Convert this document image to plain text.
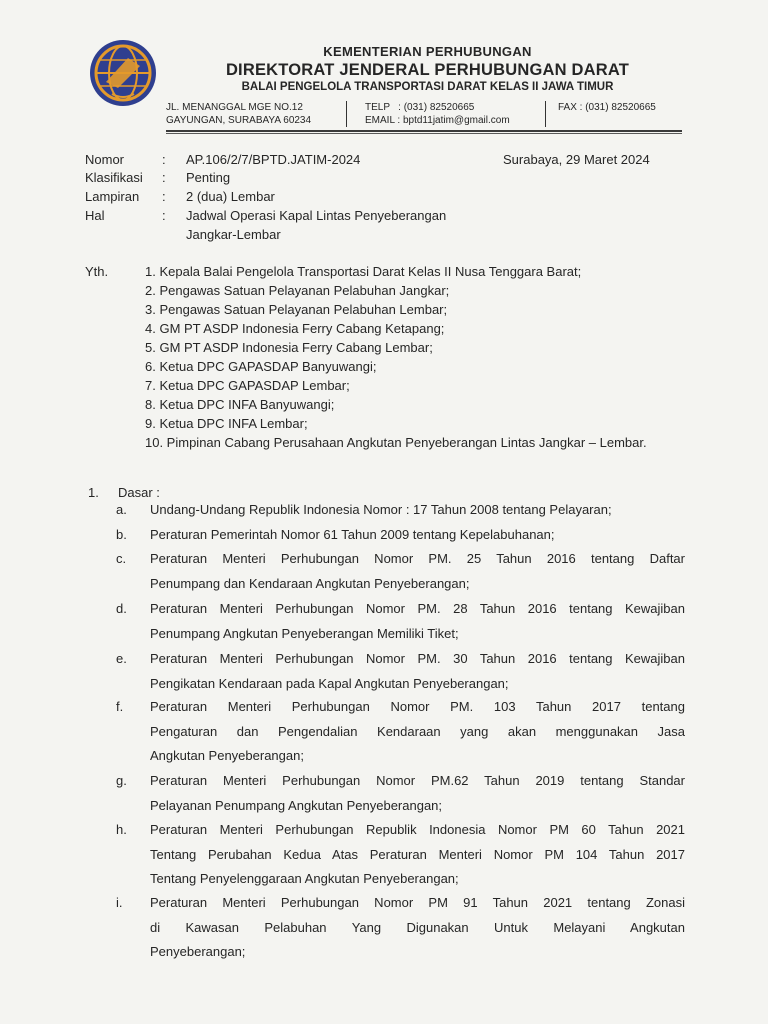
KEMENTERIAN PERHUBUNGAN
DIREKTORAT JENDERAL PERHUBUNGAN DARAT
BALAI PENGELOLA TRANSPORTASI DARAT KELAS II JAWA TIMUR
JL. MENANGGAL MGE NO.12
GAYUNGAN, SURABAYA 60234
TELP   : (031) 82520665
EMAIL : bptd11jatim@gmail.com
FAX : (031) 82520665
Nomor	: AP.106/2/7/BPTD.JATIM-2024	Surabaya, 29 Maret 2024
Klasifikasi : Penting
Lampiran : 2 (dua) Lembar
Hal	: Jadwal Operasi Kapal Lintas Penyeberangan
Jangkar-Lembar
Yth.	1. Kepala Balai Pengelola Transportasi Darat Kelas II Nusa Tenggara Barat;
2. Pengawas Satuan Pelayanan Pelabuhan Jangkar;
3. Pengawas Satuan Pelayanan Pelabuhan Lembar;
4. GM PT ASDP Indonesia Ferry Cabang Ketapang;
5. GM PT ASDP Indonesia Ferry Cabang Lembar;
6. Ketua DPC GAPASDAP Banyuwangi;
7. Ketua DPC GAPASDAP Lembar;
8. Ketua DPC INFA Banyuwangi;
9. Ketua DPC INFA Lembar;
10. Pimpinan Cabang Perusahaan Angkutan Penyeberangan Lintas Jangkar – Lembar.
1. Dasar :
a. Undang-Undang Republik Indonesia Nomor : 17 Tahun 2008 tentang Pelayaran;
b. Peraturan Pemerintah Nomor 61 Tahun 2009 tentang Kepelabuhanan;
c. Peraturan Menteri Perhubungan Nomor PM. 25 Tahun 2016 tentang Daftar
Penumpang dan Kendaraan Angkutan Penyeberangan;
d. Peraturan Menteri Perhubungan Nomor PM. 28 Tahun 2016 tentang Kewajiban
Penumpang Angkutan Penyeberangan Memiliki Tiket;
e. Peraturan Menteri Perhubungan Nomor PM. 30 Tahun 2016 tentang Kewajiban
Pengikatan Kendaraan pada Kapal Angkutan Penyeberangan;
f. Peraturan Menteri Perhubungan Nomor PM. 103 Tahun 2017 tentang
Pengaturan dan Pengendalian Kendaraan yang akan menggunakan Jasa
Angkutan Penyeberangan;
g. Peraturan Menteri Perhubungan Nomor PM.62 Tahun 2019 tentang Standar
Pelayanan Penumpang Angkutan Penyeberangan;
h. Peraturan Menteri Perhubungan Republik Indonesia Nomor PM 60 Tahun 2021
Tentang Perubahan Kedua Atas Peraturan Menteri Nomor PM 104 Tahun 2017
Tentang Penyelenggaraan Angkutan Penyeberangan;
i. Peraturan Menteri Perhubungan Nomor PM 91 Tahun 2021 tentang Zonasi
di Kawasan Pelabuhan Yang Digunakan Untuk Melayani Angkutan
Penyeberangan;
